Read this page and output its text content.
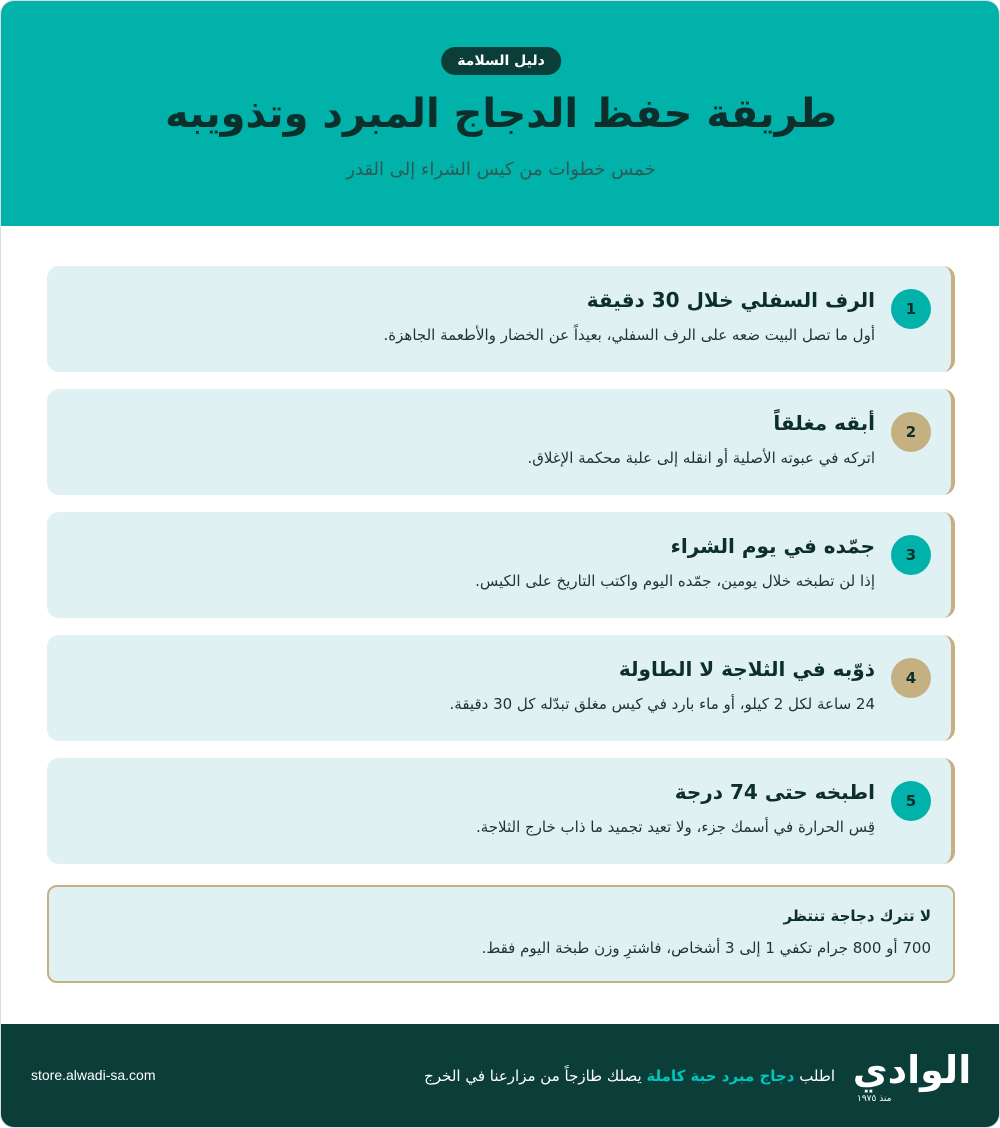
دليل السلامة
طريقة حفظ الدجاج المبرد وتذويبه
خمس خطوات من كيس الشراء إلى القدر
1
الرف السفلي خلال 30 دقيقة
أول ما تصل البيت ضعه على الرف السفلي، بعيداً عن الخضار والأطعمة الجاهزة.
2
أبقه مغلقاً
اتركه في عبوته الأصلية أو انقله إلى علبة محكمة الإغلاق.
3
جمّده في يوم الشراء
إذا لن تطبخه خلال يومين، جمّده اليوم واكتب التاريخ على الكيس.
4
ذوّبه في الثلاجة لا الطاولة
24 ساعة لكل 2 كيلو، أو ماء بارد في كيس مغلق تبدّله كل 30 دقيقة.
5
اطبخه حتى 74 درجة
قِس الحرارة في أسمك جزء، ولا تعيد تجميد ما ذاب خارج الثلاجة.
لا تترك دجاجة تنتظر
700 أو 800 جرام تكفي 1 إلى 3 أشخاص، فاشترِ وزن طبخة اليوم فقط.
store.alwadi-sa.com	اطلب دجاج مبرد حبة كاملة يصلك طازجاً من مزارعنا في الخرج	الوادي
منذ ١٩٧٥
